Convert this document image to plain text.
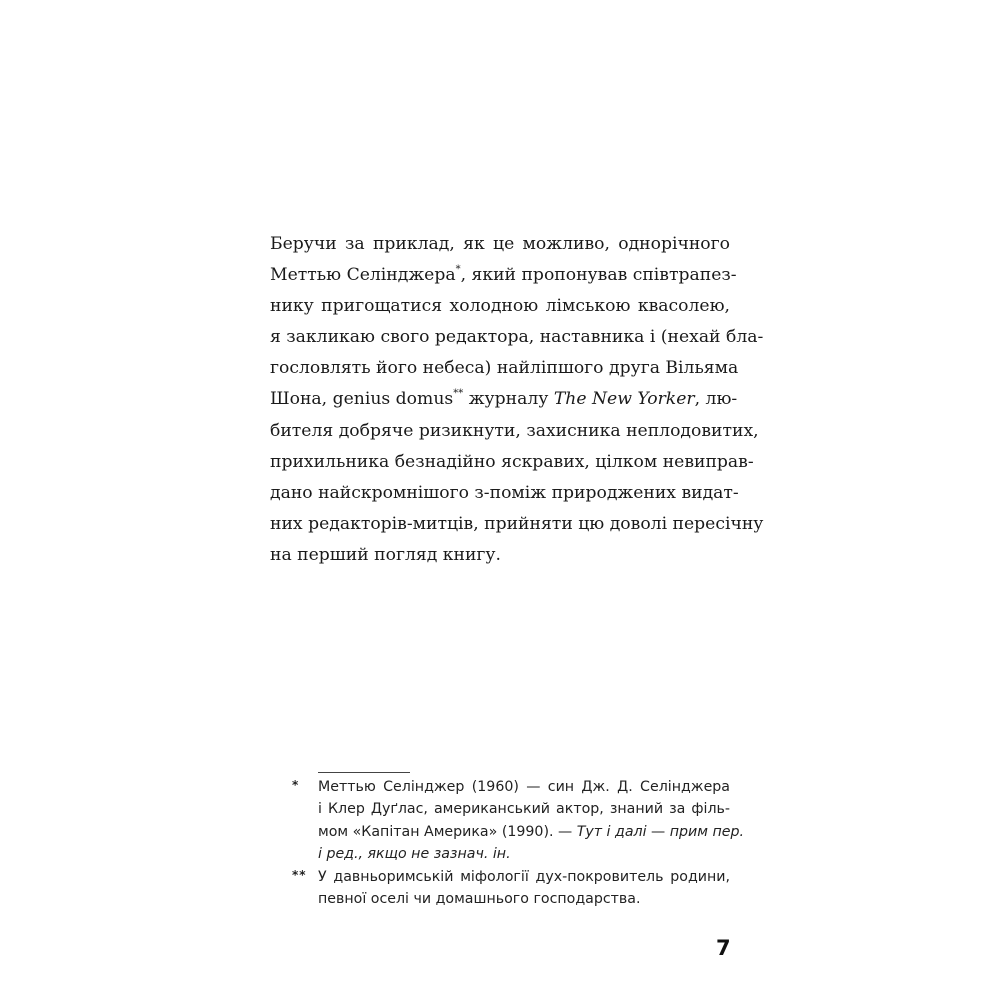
Беручи за приклад, як це можливо, однорічного
Меттью Селінджера*, який пропонував співтрапез-
нику пригощатися холодною лімською квасолею,
я закликаю свого редактора, наставника і (нехай бла-
гословлять його небеса) найліпшого друга Вільяма
Шона, genius domus** журналу The New Yorker, лю-
бителя добряче ризикнути, захисника неплодовитих,
прихильника безнадійно яскравих, цілком невиправ-
дано найскромнішого з-поміж природжених видат-
них редакторів-митців, прийняти цю доволі пересічну
на перший погляд книгу.
* Меттью Селінджер (1960) — син Дж. Д. Селінджера
і Клер Дуґлас, американський актор, знаний за філь-
мом «Капітан Америка» (1990). — Тут і далі — прим пер.
і ред., якщо не зазнач. ін.
** У давньоримській міфології дух-покровитель родини,
певної оселі чи домашнього господарства.
7
